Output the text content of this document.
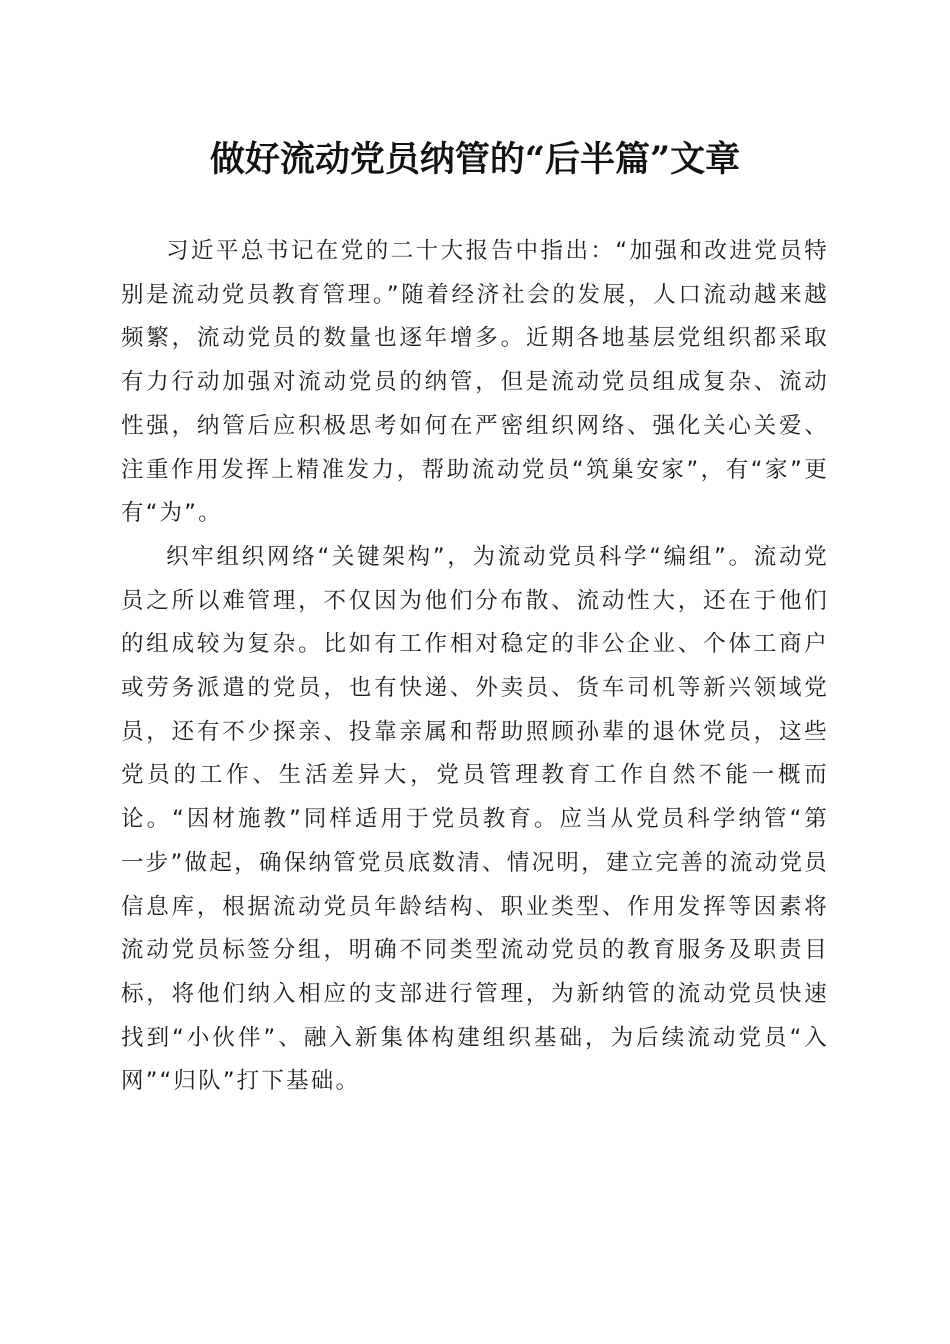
做好流动党员纳管的“后半篇”文章

习近平总书记在党的二十大报告中指出：“加强和改进党员特别是流动党员教育管理。”随着经济社会的发展，人口流动越来越频繁，流动党员的数量也逐年增多。近期各地基层党组织都采取有力行动加强对流动党员的纳管，但是流动党员组成复杂、流动性强，纳管后应积极思考如何在严密组织网络、强化关心关爱、注重作用发挥上精准发力，帮助流动党员“筑巢安家”，有“家”更有“为”。

织牢组织网络“关键架构”，为流动党员科学“编组”。流动党员之所以难管理，不仅因为他们分布散、流动性大，还在于他们的组成较为复杂。比如有工作相对稳定的非公企业、个体工商户或劳务派遣的党员，也有快递、外卖员、货车司机等新兴领域党员，还有不少探亲、投靠亲属和帮助照顾孙辈的退休党员，这些党员的工作、生活差异大，党员管理教育工作自然不能一概而论。“因材施教”同样适用于党员教育。应当从党员科学纳管“第一步”做起，确保纳管党员底数清、情况明，建立完善的流动党员信息库，根据流动党员年龄结构、职业类型、作用发挥等因素将流动党员标签分组，明确不同类型流动党员的教育服务及职责目标，将他们纳入相应的支部进行管理，为新纳管的流动党员快速找到“小伙伴”、融入新集体构建组织基础，为后续流动党员“入网”“归队”打下基础。
